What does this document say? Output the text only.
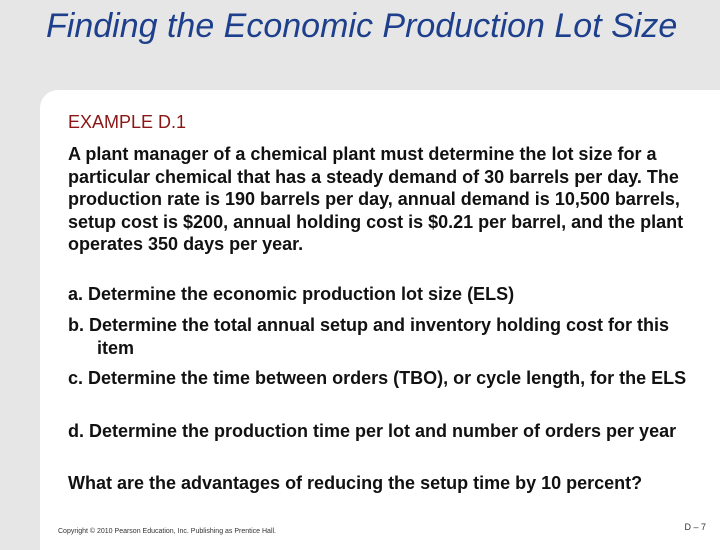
Finding the Economic Production Lot Size
EXAMPLE D.1

A plant manager of a chemical plant must determine the lot size for a particular chemical that has a steady demand of 30 barrels per day. The production rate is 190 barrels per day, annual demand is 10,500 barrels, setup cost is $200, annual holding cost is $0.21 per barrel, and the plant operates 350 days per year.

a. Determine the economic production lot size (ELS)
b. Determine the total annual setup and inventory holding cost for this item
c. Determine the time between orders (TBO), or cycle length, for the ELS
d. Determine the production time per lot and number of orders per year
What are the advantages of reducing the setup time by 10 percent?
Copyright © 2010 Pearson Education, Inc. Publishing as Prentice Hall.	D – 7
